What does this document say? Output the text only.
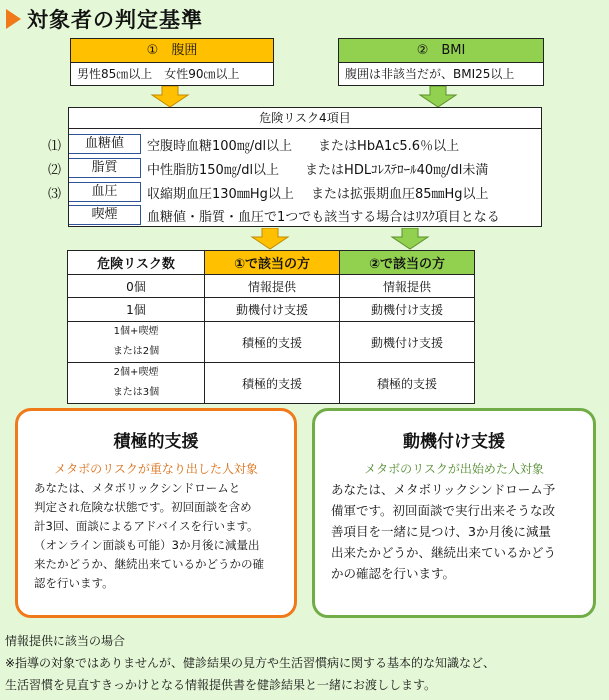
対象者の判定基準
①　腹囲
男性85㎝以上　女性90㎝以上
②　BMI
腹囲は非該当だが、BMI25以上
危険リスク4項目
血糖値	空腹時血糖100㎎/dl以上　　またはHbA1c5.6％以上
脂質	中性脂肪150㎎/dl以上　　またはHDLｺﾚｽﾃﾛｰﾙ40㎎/dl未満
血圧	収縮期血圧130㎜Hg以上　 または拡張期血圧85㎜Hg以上
喫煙	血糖値・脂質・血圧で1つでも該当する場合はﾘｽｸ項目となる
⑴
⑵
⑶
危険リスク数	①で該当の方	②で該当の方
0個	情報提供	情報提供
1個	動機付け支援	動機付け支援

1個+喫煙
または2個	積極的支援	動機付け支援

2個+喫煙
または3個	積極的支援	積極的支援
積極的支援
メタボのリスクが重なり出した人対象
あなたは、メタボリックシンドロームと
判定され危険な状態です。初回面談を含め
計3回、面談によるアドバイスを行います。
（オンライン面談も可能）3か月後に減量出
来たかどうか、継続出来ているかどうかの確
認を行います。
動機付け支援
メタボのリスクが出始めた人対象
あなたは、メタボリックシンドローム予
備軍です。初回面談で実行出来そうな改
善項目を一緒に見つけ、3か月後に減量
出来たかどうか、継続出来ているかどう
かの確認を行います。
情報提供に該当の場合
※指導の対象ではありませんが、健診結果の見方や生活習慣病に関する基本的な知識など、
生活習慣を見直すきっかけとなる情報提供書を健診結果と一緒にお渡しします。
